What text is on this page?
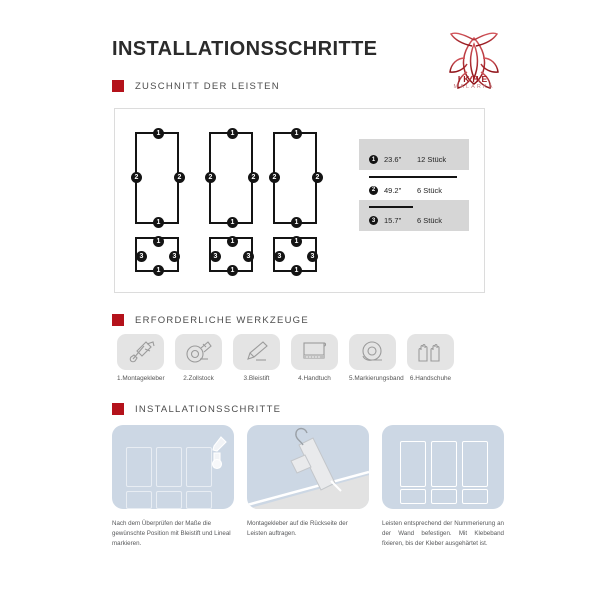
INSTALLATIONSSCHRITTE
IKHE
MALARKA
ZUSCHNITT DER LEISTEN
1
2	2
1
1
2	2
1
1
2	2
1
1
3	3
1
1
3	3
1
1
3	3
1
1	23.6"	12 Stück
2	49.2"	6 Stück
3	15.7"	6 Stück
ERFORDERLICHE WERKZEUGE
1.Montagekleber	2.Zollstock	3.Bleistift	4.Handtuch	5.Markierungsband 6.Handschuhe
INSTALLATIONSSCHRITTE
Nach dem Überprüfen der Maße die gewünschte Position mit Bleistift und Lineal markieren.
Montagekleber auf die Rückseite der Leisten auftragen.
Leisten entsprechend der Nummerierung an der Wand befestigen. Mit Klebeband fixieren, bis der Kleber ausgehärtet ist.
